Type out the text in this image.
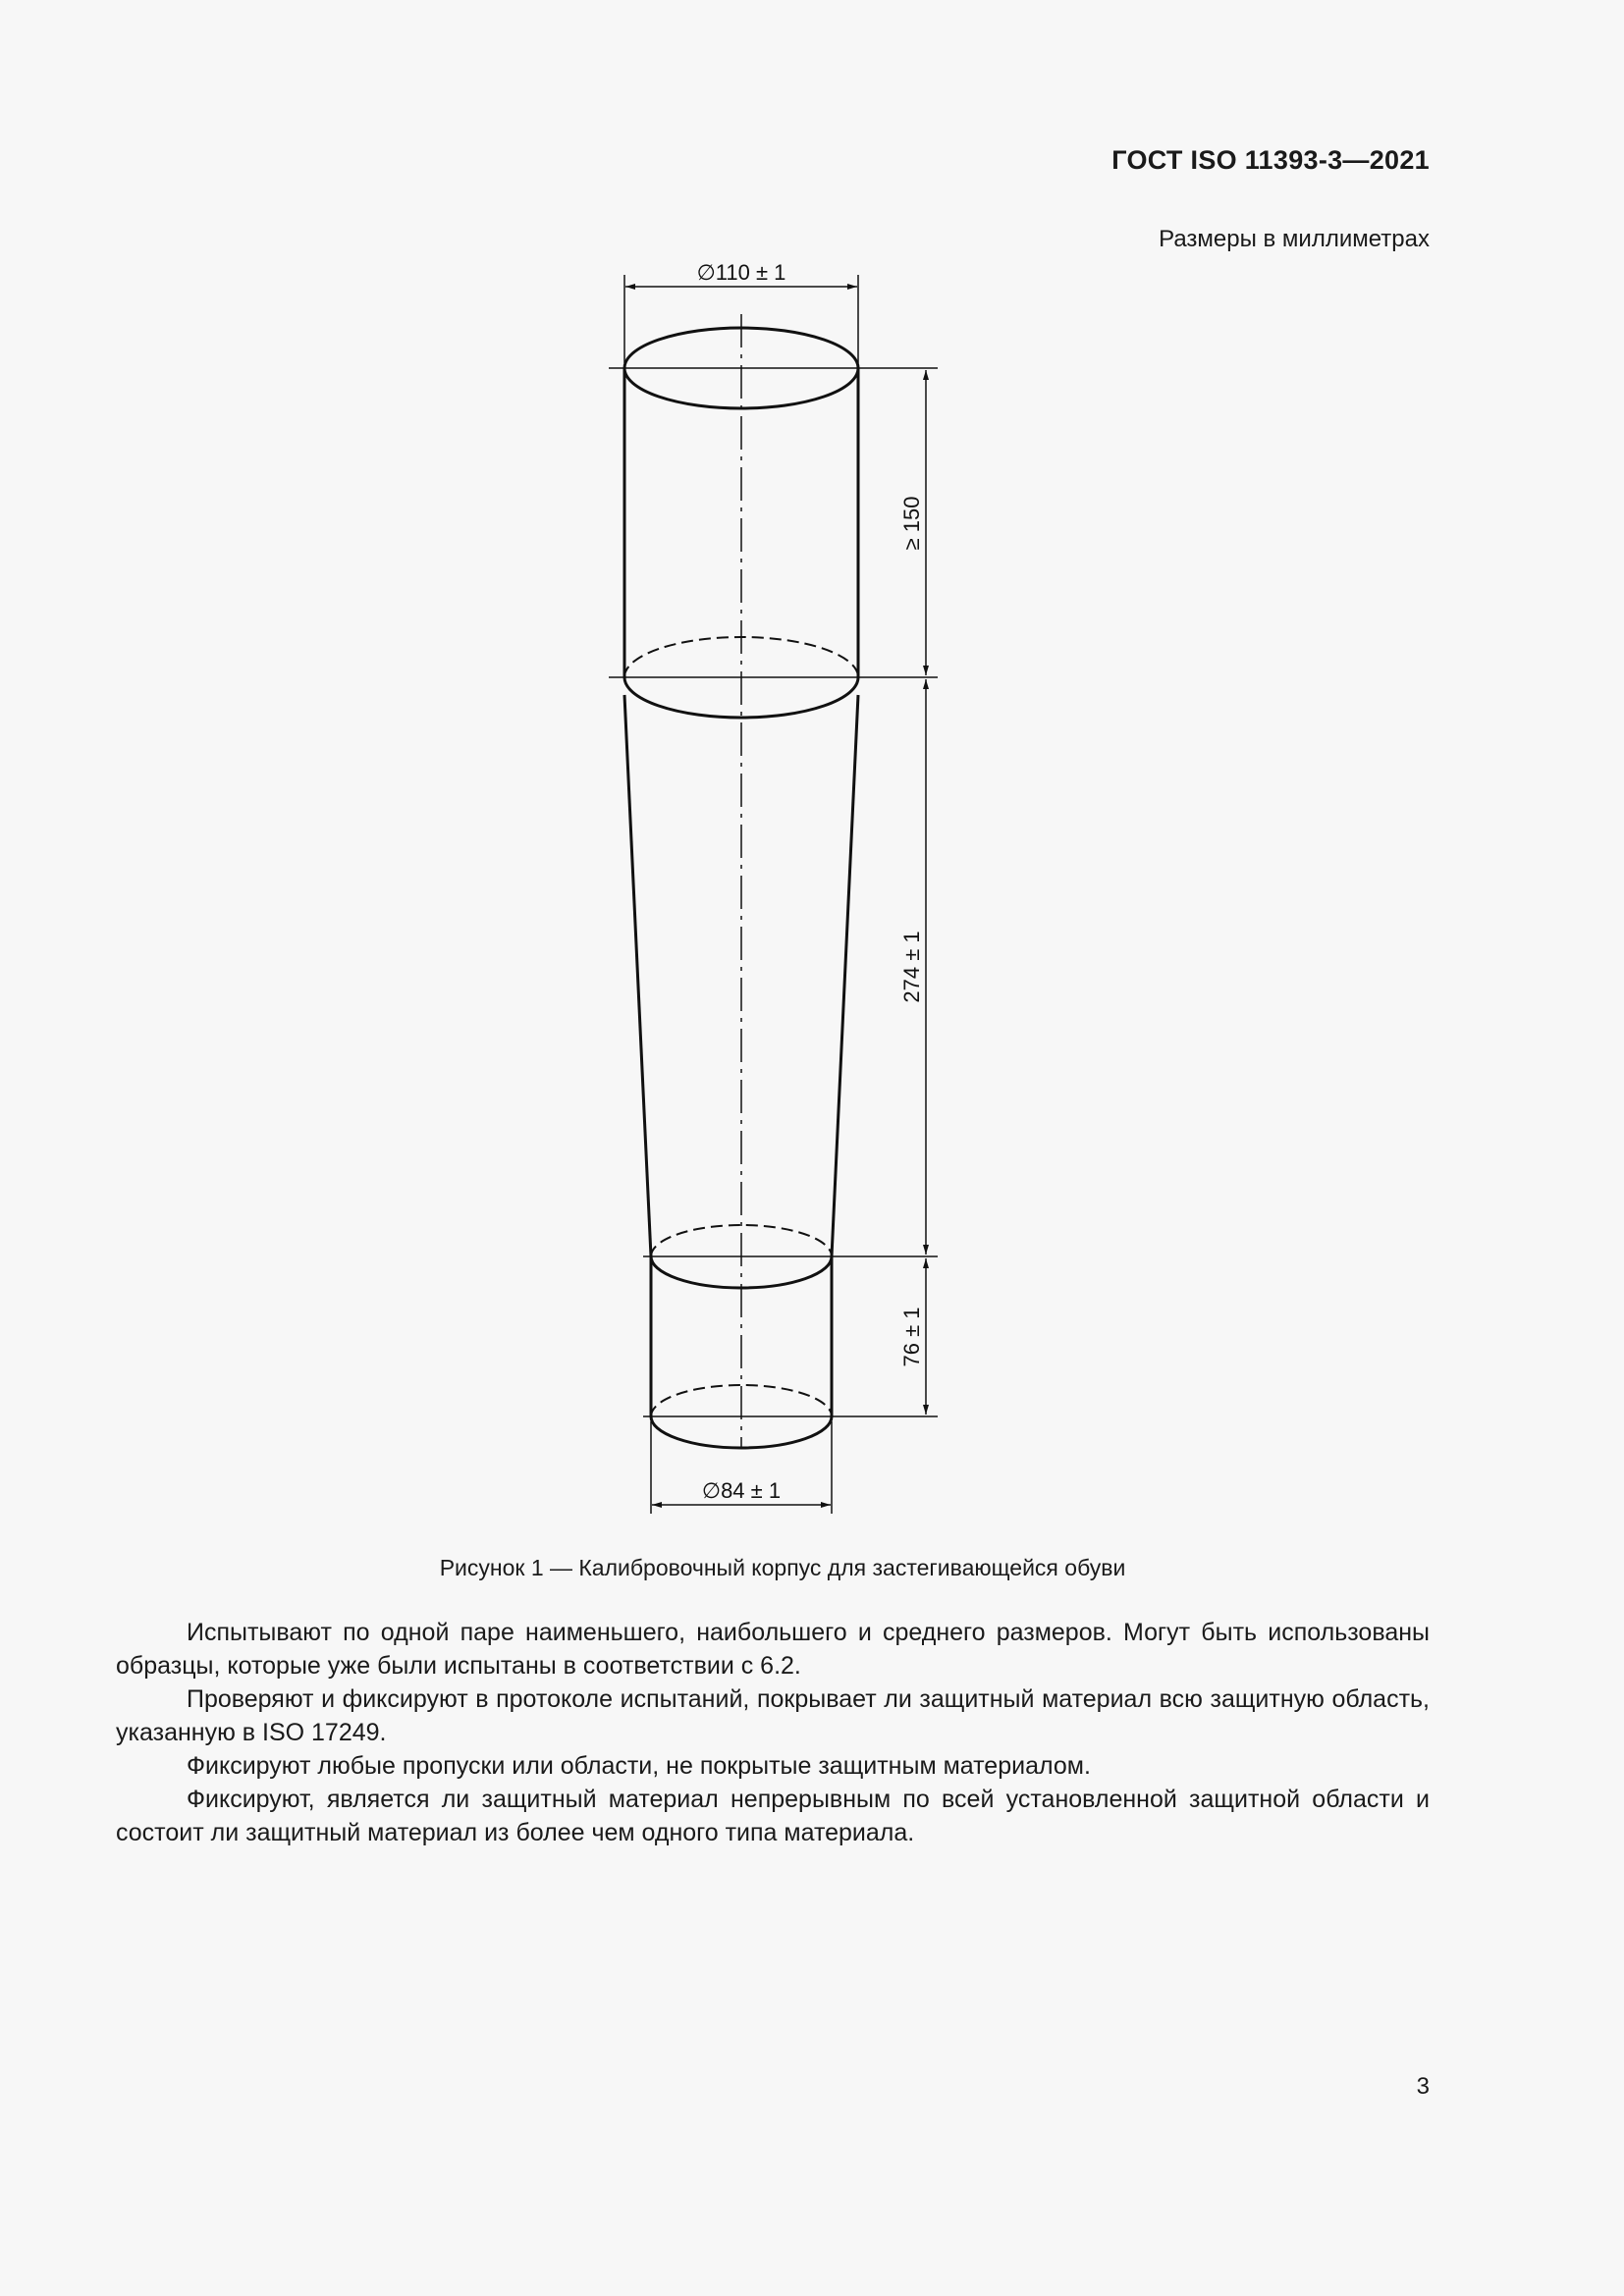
ГОСТ ISO 11393-3—2021
Размеры в миллиметрах
∅110 ± 1
≥ 150
274 ± 1
76 ± 1
∅84 ± 1
Рисунок 1 — Калибровочный корпус для застегивающейся обуви

Испытывают по одной паре наименьшего, наибольшего и среднего размеров. Могут быть использованы образцы, которые уже были испытаны в соответствии с 6.2.

Проверяют и фиксируют в протоколе испытаний, покрывает ли защитный материал всю защитную область, указанную в ISO 17249.

Фиксируют любые пропуски или области, не покрытые защитным материалом.

Фиксируют, является ли защитный материал непрерывным по всей установленной защитной области и состоит ли защитный материал из более чем одного типа материала.

3
